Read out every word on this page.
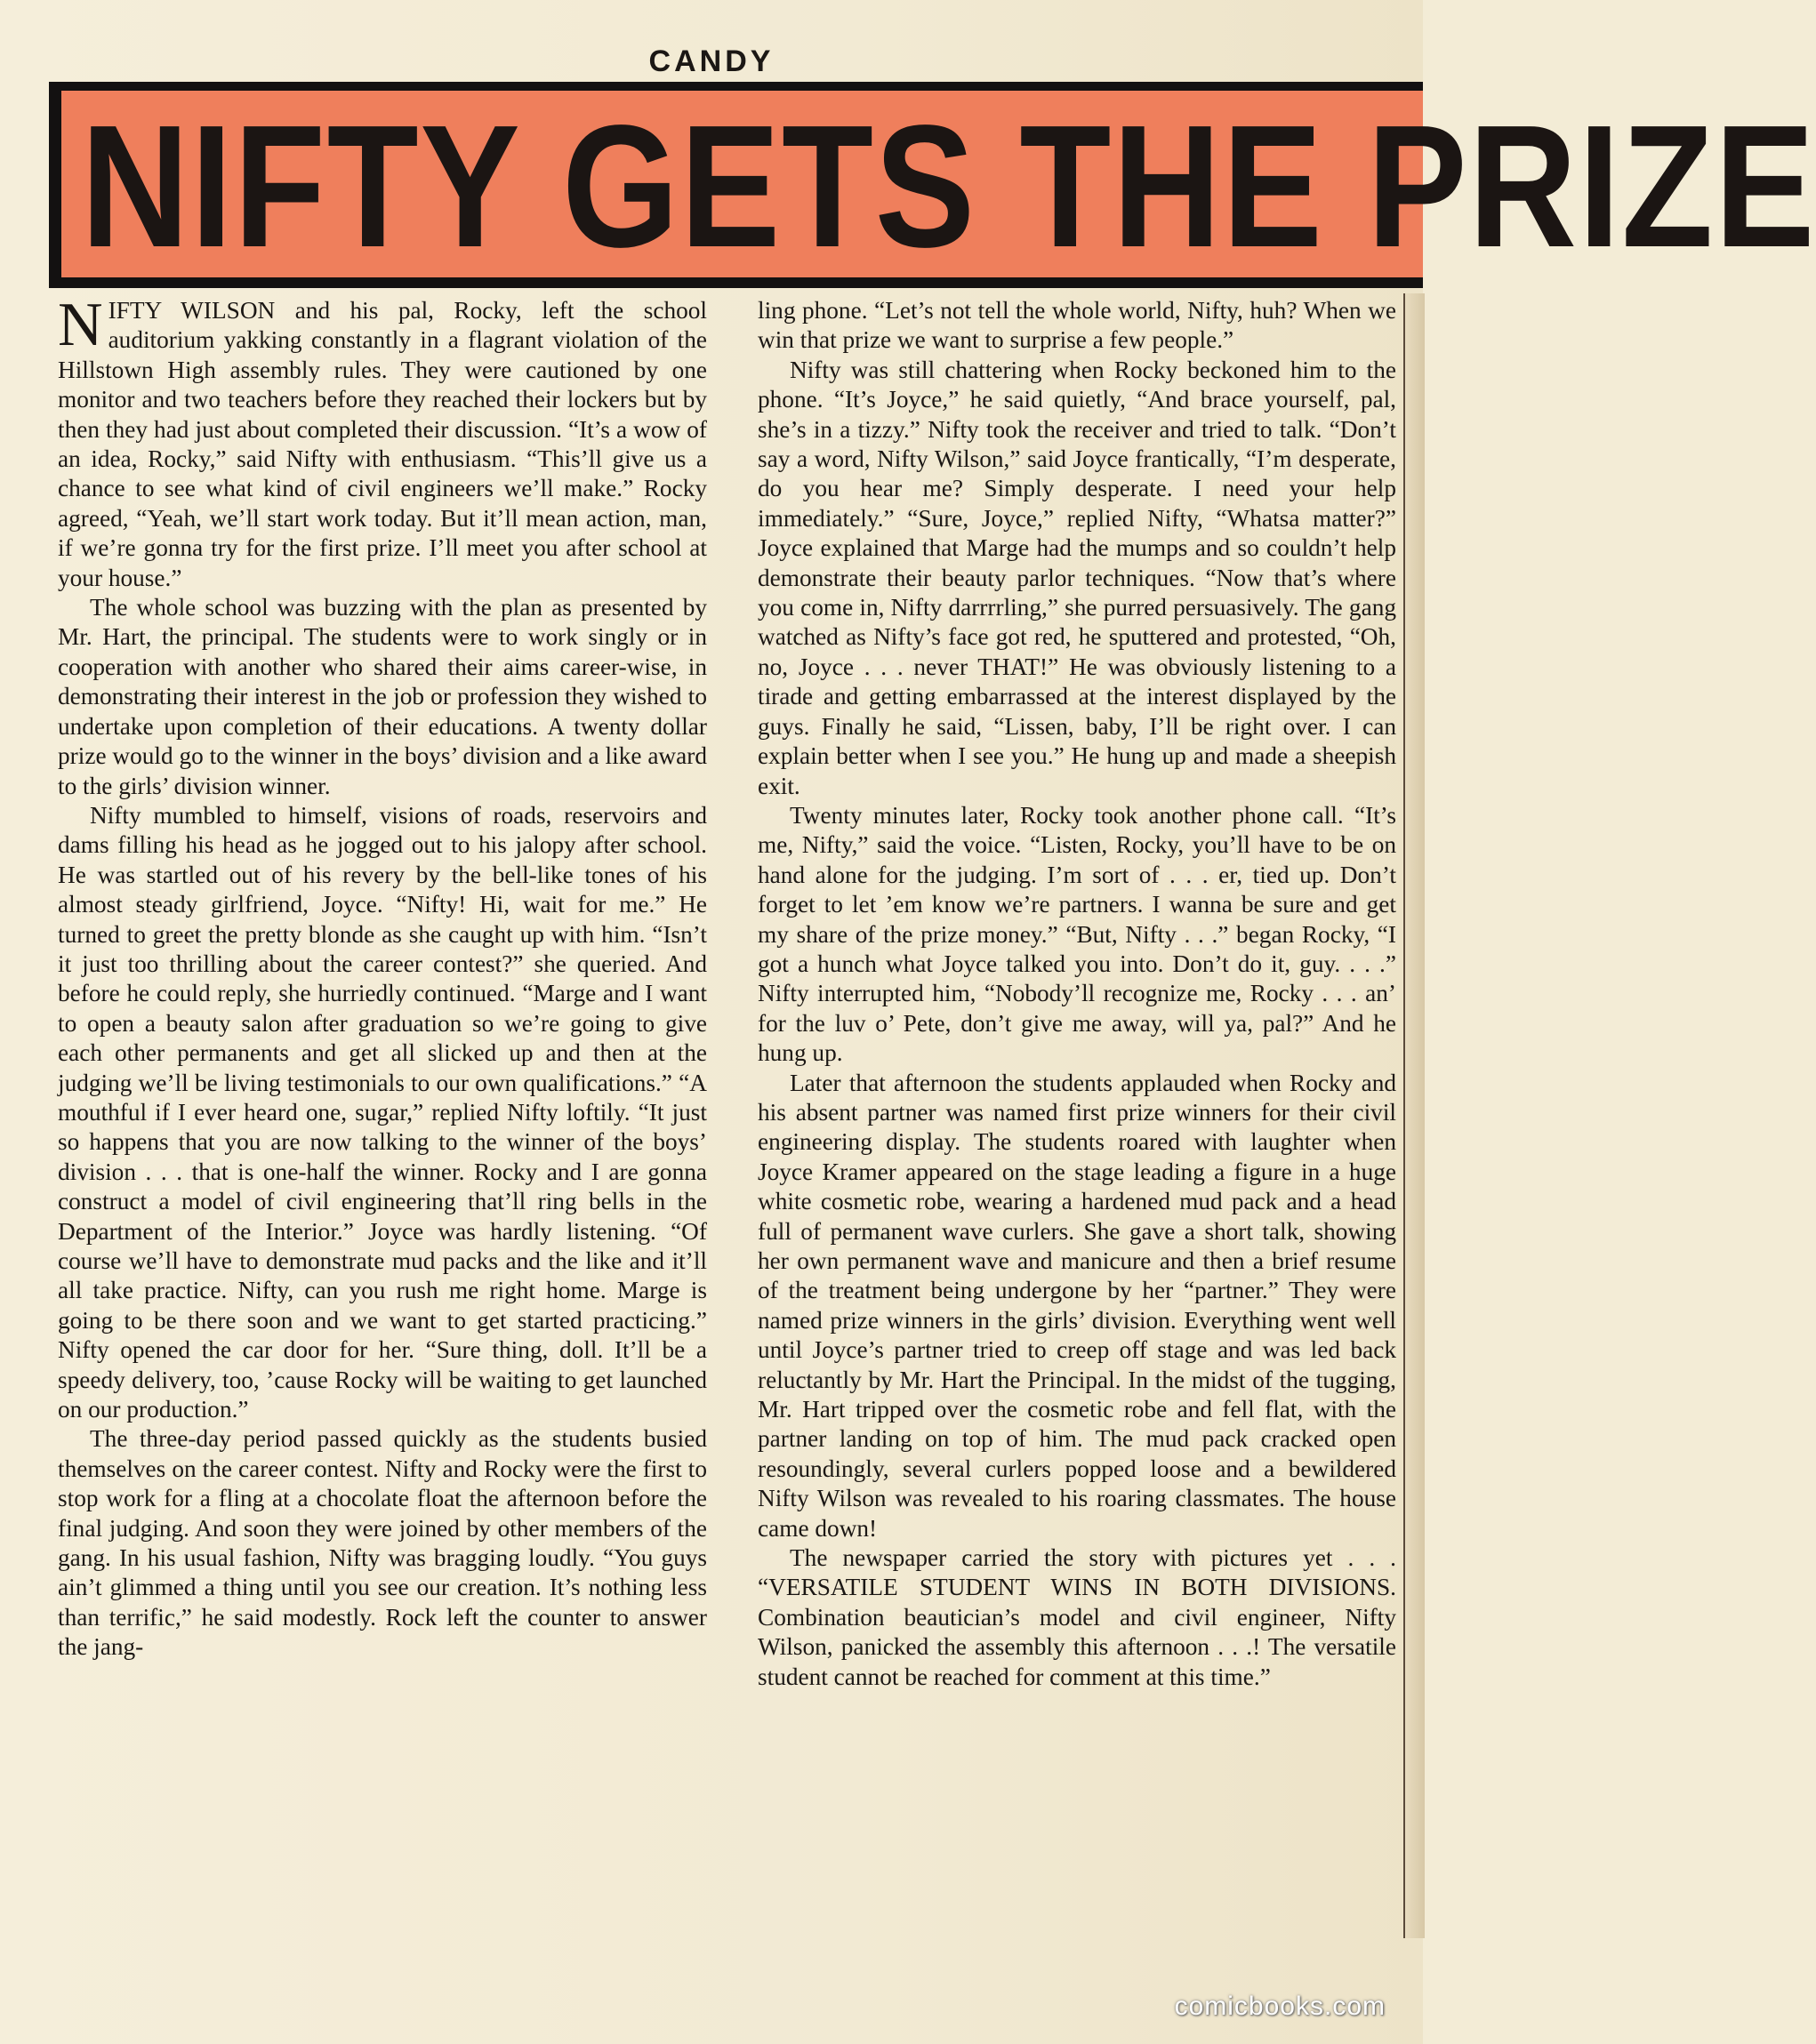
CANDY
NIFTY GETS THE PRIZE

NIFTY WILSON and his pal, Rocky, left the school auditorium yakking constantly in a flagrant violation of the Hillstown High assembly rules. They were cautioned by one monitor and two teachers before they reached their lockers but by then they had just about completed their discussion. “It’s a wow of an idea, Rocky,” said Nifty with enthusiasm. “This’ll give us a chance to see what kind of civil engineers we’ll make.” Rocky agreed, “Yeah, we’ll start work today. But it’ll mean action, man, if we’re gonna try for the first prize. I’ll meet you after school at your house.”

The whole school was buzzing with the plan as presented by Mr. Hart, the principal. The students were to work singly or in cooperation with another who shared their aims career-wise, in demonstrating their interest in the job or profession they wished to undertake upon completion of their educations. A twenty dollar prize would go to the winner in the boys’ division and a like award to the girls’ division winner.

Nifty mumbled to himself, visions of roads, reservoirs and dams filling his head as he jogged out to his jalopy after school. He was startled out of his revery by the bell-like tones of his almost steady girlfriend, Joyce. “Nifty! Hi, wait for me.” He turned to greet the pretty blonde as she caught up with him. “Isn’t it just too thrilling about the career contest?” she queried. And before he could reply, she hurriedly continued. “Marge and I want to open a beauty salon after graduation so we’re going to give each other permanents and get all slicked up and then at the judging we’ll be living testimonials to our own qualifications.” “A mouthful if I ever heard one, sugar,” replied Nifty loftily. “It just so happens that you are now talking to the winner of the boys’ division . . . that is one-half the winner. Rocky and I are gonna construct a model of civil engineering that’ll ring bells in the Department of the Interior.” Joyce was hardly listening. “Of course we’ll have to demonstrate mud packs and the like and it’ll all take practice. Nifty, can you rush me right home. Marge is going to be there soon and we want to get started practicing.” Nifty opened the car door for her. “Sure thing, doll. It’ll be a speedy delivery, too, ’cause Rocky will be waiting to get launched on our production.”

The three-day period passed quickly as the students busied themselves on the career contest. Nifty and Rocky were the first to stop work for a fling at a chocolate float the afternoon before the final judging. And soon they were joined by other members of the gang. In his usual fashion, Nifty was bragging loudly. “You guys ain’t glimmed a thing until you see our creation. It’s nothing less than terrific,” he said modestly. Rock left the counter to answer the jang-

ling phone. “Let’s not tell the whole world, Nifty, huh? When we win that prize we want to surprise a few people.”

Nifty was still chattering when Rocky beckoned him to the phone. “It’s Joyce,” he said quietly, “And brace yourself, pal, she’s in a tizzy.” Nifty took the receiver and tried to talk. “Don’t say a word, Nifty Wilson,” said Joyce frantically, “I’m desperate, do you hear me? Simply desperate. I need your help immediately.” “Sure, Joyce,” replied Nifty, “Whatsa matter?” Joyce explained that Marge had the mumps and so couldn’t help demonstrate their beauty parlor techniques. “Now that’s where you come in, Nifty darrrrling,” she purred persuasively. The gang watched as Nifty’s face got red, he sputtered and protested, “Oh, no, Joyce . . . never THAT!” He was obviously listening to a tirade and getting embarrassed at the interest displayed by the guys. Finally he said, “Lissen, baby, I’ll be right over. I can explain better when I see you.” He hung up and made a sheepish exit.

Twenty minutes later, Rocky took another phone call. “It’s me, Nifty,” said the voice. “Listen, Rocky, you’ll have to be on hand alone for the judging. I’m sort of . . . er, tied up. Don’t forget to let ’em know we’re partners. I wanna be sure and get my share of the prize money.” “But, Nifty . . .” began Rocky, “I got a hunch what Joyce talked you into. Don’t do it, guy. . . .” Nifty interrupted him, “Nobody’ll recognize me, Rocky . . . an’ for the luv o’ Pete, don’t give me away, will ya, pal?” And he hung up.

Later that afternoon the students applauded when Rocky and his absent partner was named first prize winners for their civil engineering display. The students roared with laughter when Joyce Kramer appeared on the stage leading a figure in a huge white cosmetic robe, wearing a hardened mud pack and a head full of permanent wave curlers. She gave a short talk, showing her own permanent wave and manicure and then a brief resume of the treatment being undergone by her “partner.” They were named prize winners in the girls’ division. Everything went well until Joyce’s partner tried to creep off stage and was led back reluctantly by Mr. Hart the Principal. In the midst of the tugging, Mr. Hart tripped over the cosmetic robe and fell flat, with the partner landing on top of him. The mud pack cracked open resoundingly, several curlers popped loose and a bewildered Nifty Wilson was revealed to his roaring classmates. The house came down!

The newspaper carried the story with pictures yet . . . “VERSATILE STUDENT WINS IN BOTH DIVISIONS. Combination beautician’s model and civil engineer, Nifty Wilson, panicked the assembly this afternoon . . .! The versatile student cannot be reached for comment at this time.”

comicbooks.com
